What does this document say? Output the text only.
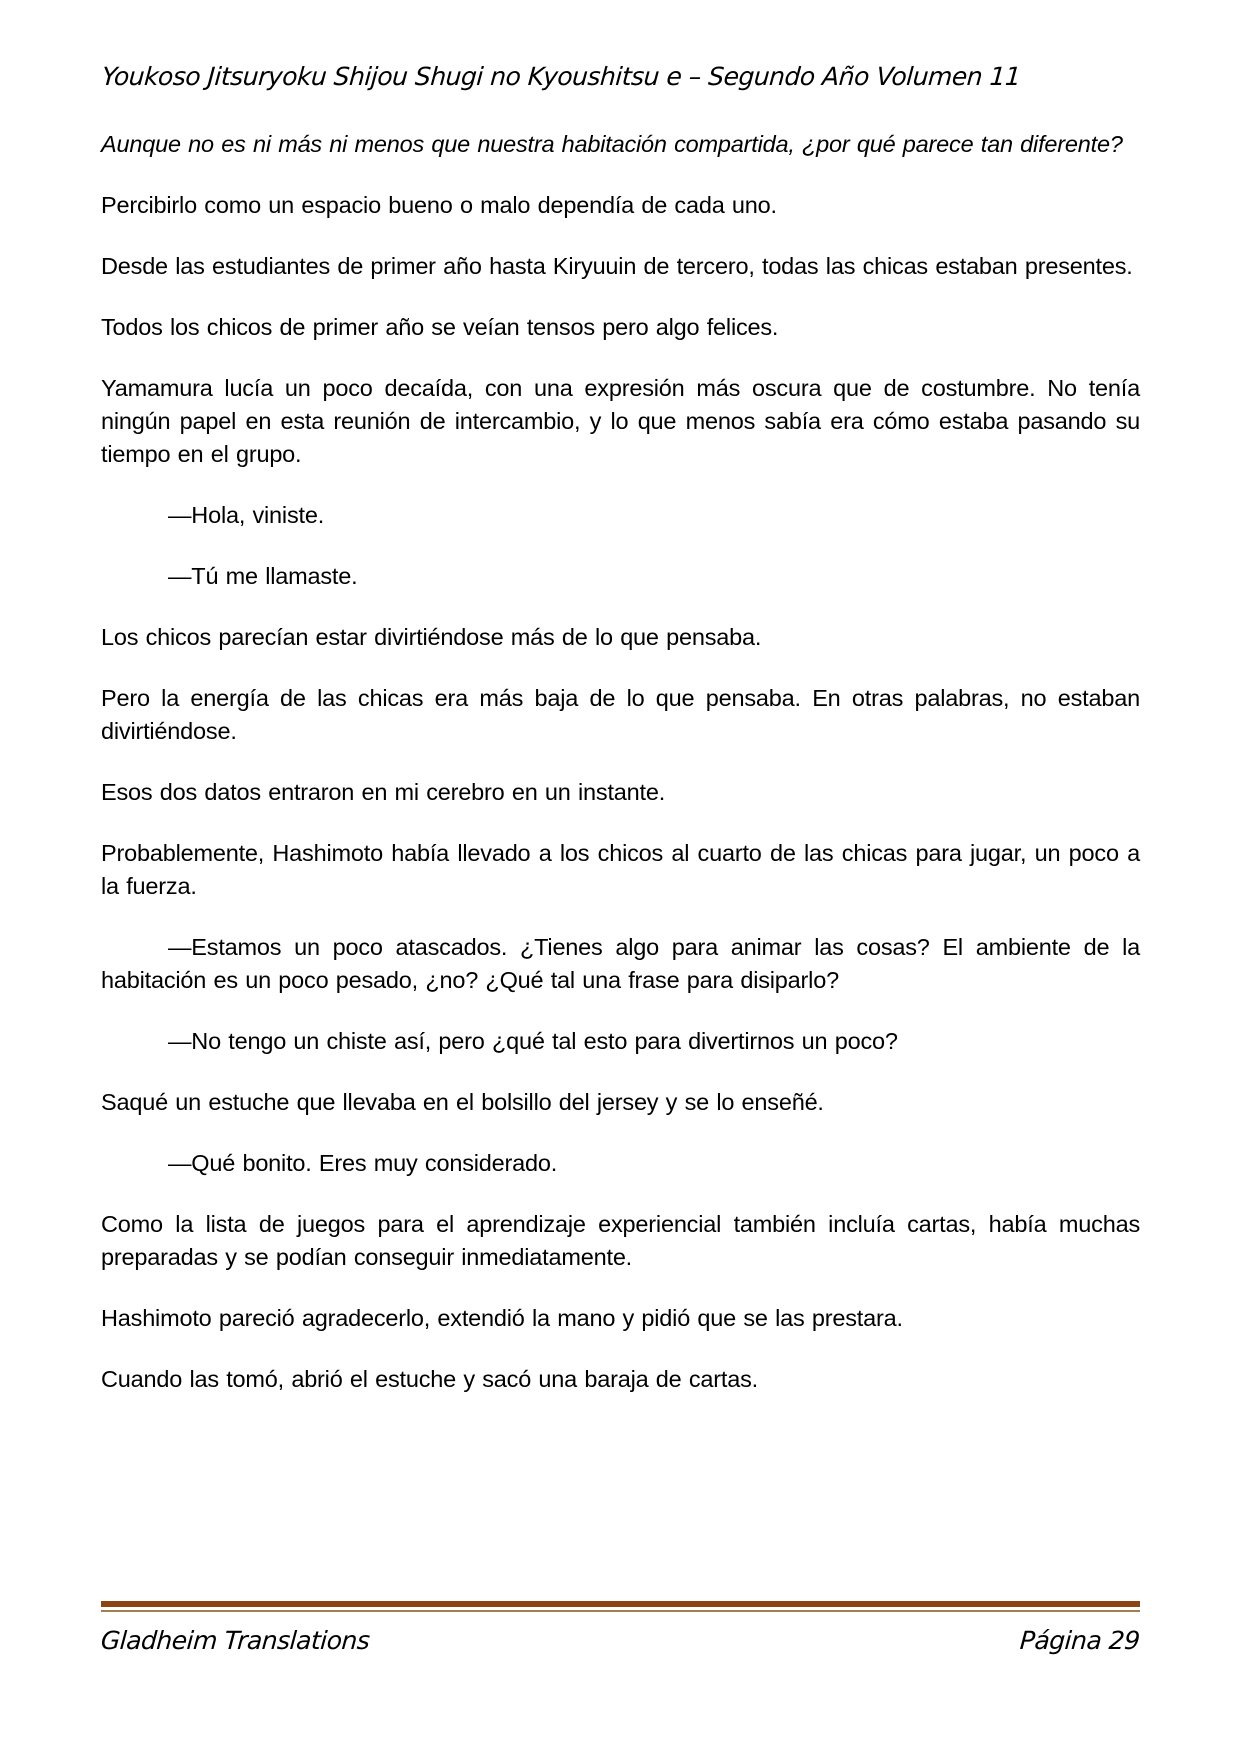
Youkoso Jitsuryoku Shijou Shugi no Kyoushitsu e – Segundo Año Volumen 11

Aunque no es ni más ni menos que nuestra habitación compartida, ¿por qué parece tan diferente?

Percibirlo como un espacio bueno o malo dependía de cada uno.

Desde las estudiantes de primer año hasta Kiryuuin de tercero, todas las chicas estaban presentes.

Todos los chicos de primer año se veían tensos pero algo felices.

Yamamura lucía un poco decaída, con una expresión más oscura que de costumbre. No tenía ningún papel en esta reunión de intercambio, y lo que menos sabía era cómo estaba pasando su tiempo en el grupo.

—Hola, viniste.

—Tú me llamaste.

Los chicos parecían estar divirtiéndose más de lo que pensaba.

Pero la energía de las chicas era más baja de lo que pensaba. En otras palabras, no estaban divirtiéndose.

Esos dos datos entraron en mi cerebro en un instante.

Probablemente, Hashimoto había llevado a los chicos al cuarto de las chicas para jugar, un poco a la fuerza.

—Estamos un poco atascados. ¿Tienes algo para animar las cosas? El ambiente de la habitación es un poco pesado, ¿no? ¿Qué tal una frase para disiparlo?

—No tengo un chiste así, pero ¿qué tal esto para divertirnos un poco?

Saqué un estuche que llevaba en el bolsillo del jersey y se lo enseñé.

—Qué bonito. Eres muy considerado.

Como la lista de juegos para el aprendizaje experiencial también incluía cartas, había muchas preparadas y se podían conseguir inmediatamente.

Hashimoto pareció agradecerlo, extendió la mano y pidió que se las prestara.

Cuando las tomó, abrió el estuche y sacó una baraja de cartas.

Gladheim Translations	Página 29
